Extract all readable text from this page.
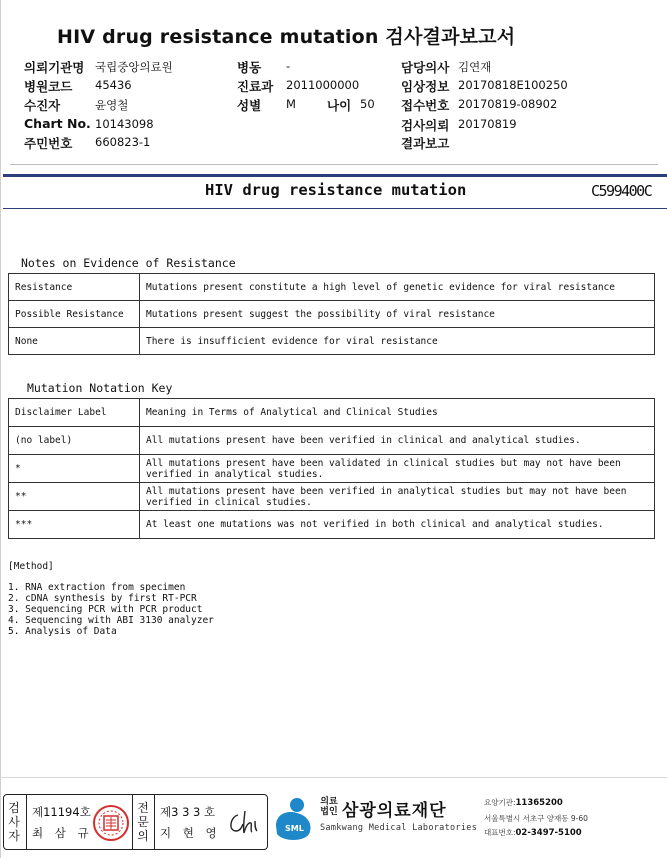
HIV drug resistance mutation 검사결과보고서
의뢰기관명 국립중앙의료원
병원코드 45436
수진자	윤영철
Chart No. 10143098
주민번호 660823-1
병동 -
진료과 2011000000
성별 M 나이 50
담당의사 김연재
임상정보 20170818E100250
접수번호 20170819-08902
검사의뢰 20170819
결과보고
HIV drug resistance mutation	C599400C
Notes on Evidence of Resistance
Resistance	Mutations present constitute a high level of genetic evidence for viral resistance
Possible Resistance	Mutations present suggest the possibility of viral resistance
None	There is insufficient evidence for viral resistance
Mutation Notation Key
Disclaimer Label	Meaning in Terms of Analytical and Clinical Studies
(no label)	All mutations present have been verified in clinical and analytical studies.
*	All mutations present have been validated in clinical studies but may not have been verified in analytical studies.
**	All mutations present have been verified in analytical studies but may not have been verified in clinical studies.
***	At least one mutations was not verified in both clinical and analytical studies.
[Method]
1. RNA extraction from specimen
2. cDNA synthesis by first RT-PCR
3. Sequencing PCR with PCR product
4. Sequencing with ABI 3130 analyzer
5. Analysis of Data
검
사
자
제11194호
최 삼 규
전
문
의
제3 3 3 호
지 현 영	SML
의료법인 삼광의료재단
Samkwang Medical Laboratories
요양기관:11365200
서울특별시 서초구 양재동 9-60
대표번호:02-3497-5100
